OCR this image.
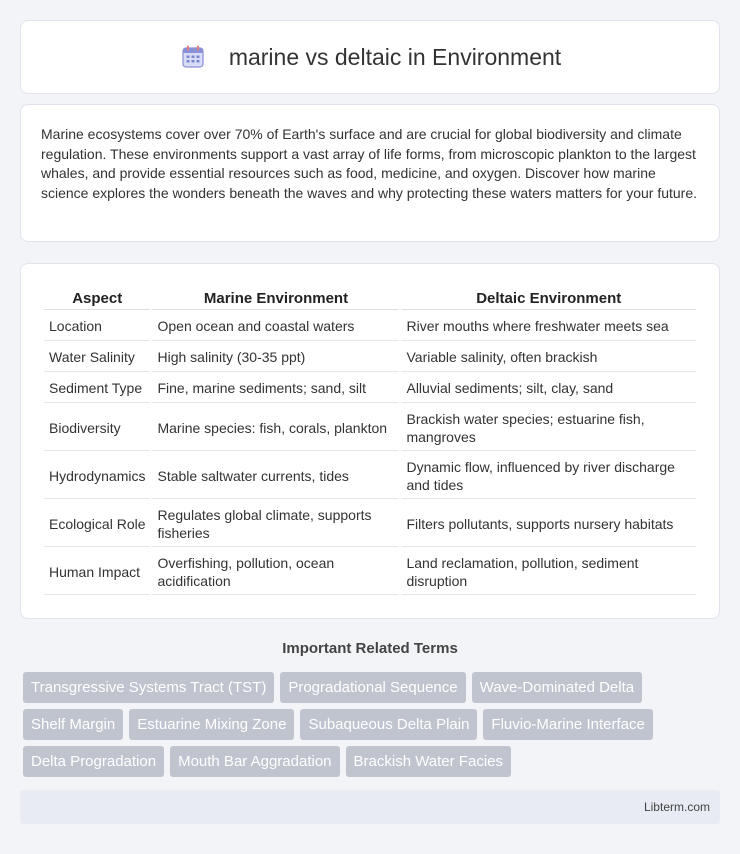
marine vs deltaic in Environment

Marine ecosystems cover over 70% of Earth's surface and are crucial for global biodiversity and climate regulation. These environments support a vast array of life forms, from microscopic plankton to the largest whales, and provide essential resources such as food, medicine, and oxygen. Discover how marine science explores the wonders beneath the waves and why protecting these waters matters for your future.

Aspect	Marine Environment	Deltaic Environment
Location	Open ocean and coastal waters	River mouths where freshwater meets sea
Water Salinity	High salinity (30-35 ppt)	Variable salinity, often brackish
Sediment Type	Fine, marine sediments; sand, silt	Alluvial sediments; silt, clay, sand
Biodiversity	Marine species: fish, corals, plankton	Brackish water species; estuarine fish, mangroves
Hydrodynamics	Stable saltwater currents, tides	Dynamic flow, influenced by river discharge and tides
Ecological Role	Regulates global climate, supports fisheries	Filters pollutants, supports nursery habitats
Human Impact	Overfishing, pollution, ocean acidification	Land reclamation, pollution, sediment disruption
Important Related Terms
Transgressive Systems Tract (TST)	Progradational Sequence	Wave-Dominated Delta
Shelf Margin	Estuarine Mixing Zone	Subaqueous Delta Plain	Fluvio-Marine Interface
Delta Progradation	Mouth Bar Aggradation	Brackish Water Facies
Libterm.com
